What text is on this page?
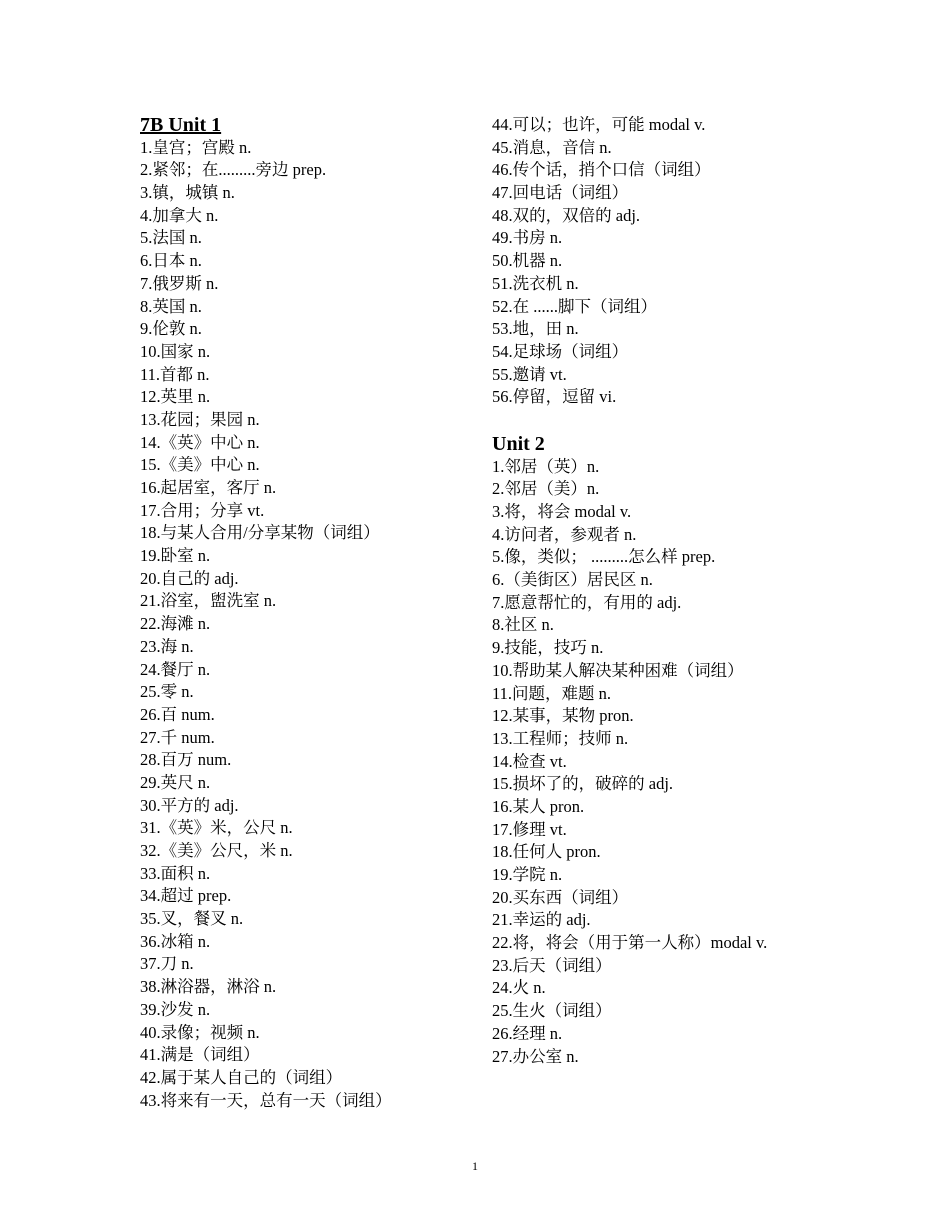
7B Unit 1
1.皇宫；宫殿 n.
2.紧邻；在.........旁边 prep.
3.镇，城镇 n.
4.加拿大 n.
5.法国 n.
6.日本 n.
7.俄罗斯 n.
8.英国 n.
9.伦敦 n.
10.国家 n.
11.首都 n.
12.英里 n.
13.花园；果园 n.
14.《英》中心 n.
15.《美》中心 n.
16.起居室，客厅 n.
17.合用；分享 vt.
18.与某人合用/分享某物（词组）
19.卧室 n.
20.自己的 adj.
21.浴室，盥洗室 n.
22.海滩 n.
23.海 n.
24.餐厅 n.
25.零 n.
26.百 num.
27.千 num.
28.百万 num.
29.英尺 n.
30.平方的 adj.
31.《英》米，公尺 n.
32.《美》公尺，米 n.
33.面积 n.
34.超过 prep.
35.叉，餐叉 n.
36.冰箱 n.
37.刀 n.
38.淋浴器，淋浴 n.
39.沙发 n.
40.录像；视频 n.
41.满是（词组）
42.属于某人自己的（词组）
43.将来有一天，总有一天（词组）
44.可以；也许，可能 modal v.
45.消息，音信 n.
46.传个话，捎个口信（词组）
47.回电话（词组）
48.双的，双倍的 adj.
49.书房 n.
50.机器 n.
51.洗衣机 n.
52.在 ......脚下（词组）
53.地，田 n.
54.足球场（词组）
55.邀请 vt.
56.停留，逗留 vi.
Unit 2
1.邻居（英）n.
2.邻居（美）n.
3.将，将会 modal v.
4.访问者，参观者 n.
5.像，类似； .........怎么样 prep.
6.（美街区）居民区 n.
7.愿意帮忙的，有用的 adj.
8.社区 n.
9.技能，技巧 n.
10.帮助某人解决某种困难（词组）
11.问题，难题 n.
12.某事，某物 pron.
13.工程师；技师 n.
14.检查 vt.
15.损坏了的，破碎的 adj.
16.某人 pron.
17.修理 vt.
18.任何人 pron.
19.学院 n.
20.买东西（词组）
21.幸运的 adj.
22.将，将会（用于第一人称）modal v.
23.后天（词组）
24.火 n.
25.生火（词组）
26.经理 n.
27.办公室 n.
1
